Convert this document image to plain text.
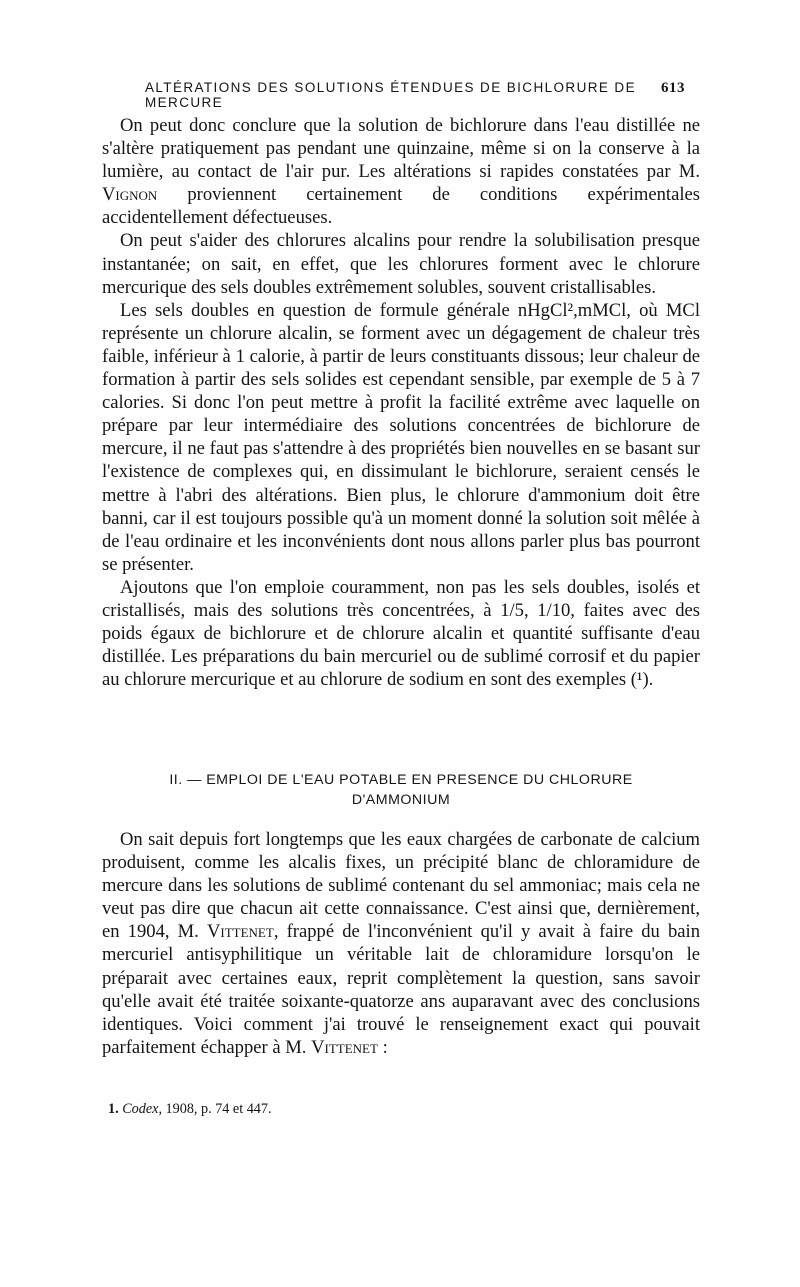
ALTÉRATIONS DES SOLUTIONS ÉTENDUES DE BICHLORURE DE MERCURE
613

On peut donc conclure que la solution de bichlorure dans l'eau distillée ne s'altère pratiquement pas pendant une quinzaine, même si on la conserve à la lumière, au contact de l'air pur. Les altérations si rapides constatées par M. Vignon proviennent certainement de conditions expérimentales accidentellement défectueuses.

On peut s'aider des chlorures alcalins pour rendre la solubilisation presque instantanée; on sait, en effet, que les chlorures forment avec le chlorure mercurique des sels doubles extrêmement solubles, souvent cristallisables.

Les sels doubles en question de formule générale nHgCl²,mMCl, où MCl représente un chlorure alcalin, se forment avec un dégagement de chaleur très faible, inférieur à 1 calorie, à partir de leurs constituants dissous; leur chaleur de formation à partir des sels solides est cependant sensible, par exemple de 5 à 7 calories. Si donc l'on peut mettre à profit la facilité extrême avec laquelle on prépare par leur intermédiaire des solutions concentrées de bichlorure de mercure, il ne faut pas s'attendre à des propriétés bien nouvelles en se basant sur l'existence de complexes qui, en dissimulant le bichlorure, seraient censés le mettre à l'abri des altérations. Bien plus, le chlorure d'ammonium doit être banni, car il est toujours possible qu'à un moment donné la solution soit mêlée à de l'eau ordinaire et les inconvénients dont nous allons parler plus bas pourront se présenter.

Ajoutons que l'on emploie couramment, non pas les sels doubles, isolés et cristallisés, mais des solutions très concentrées, à 1/5, 1/10, faites avec des poids égaux de bichlorure et de chlorure alcalin et quantité suffisante d'eau distillée. Les préparations du bain mercuriel ou de sublimé corrosif et du papier au chlorure mercurique et au chlorure de sodium en sont des exemples (¹).

II. — EMPLOI DE L'EAU POTABLE EN PRESENCE DU CHLORURE
D'AMMONIUM

On sait depuis fort longtemps que les eaux chargées de carbonate de calcium produisent, comme les alcalis fixes, un précipité blanc de chloramidure de mercure dans les solutions de sublimé contenant du sel ammoniac; mais cela ne veut pas dire que chacun ait cette connaissance. C'est ainsi que, dernièrement, en 1904, M. Vittenet, frappé de l'inconvénient qu'il y avait à faire du bain mercuriel antisyphilitique un véritable lait de chloramidure lorsqu'on le préparait avec certaines eaux, reprit complètement la question, sans savoir qu'elle avait été traitée soixante-quatorze ans auparavant avec des conclusions identiques. Voici comment j'ai trouvé le renseignement exact qui pouvait parfaitement échapper à M. Vittenet :

1. Codex, 1908, p. 74 et 447.
